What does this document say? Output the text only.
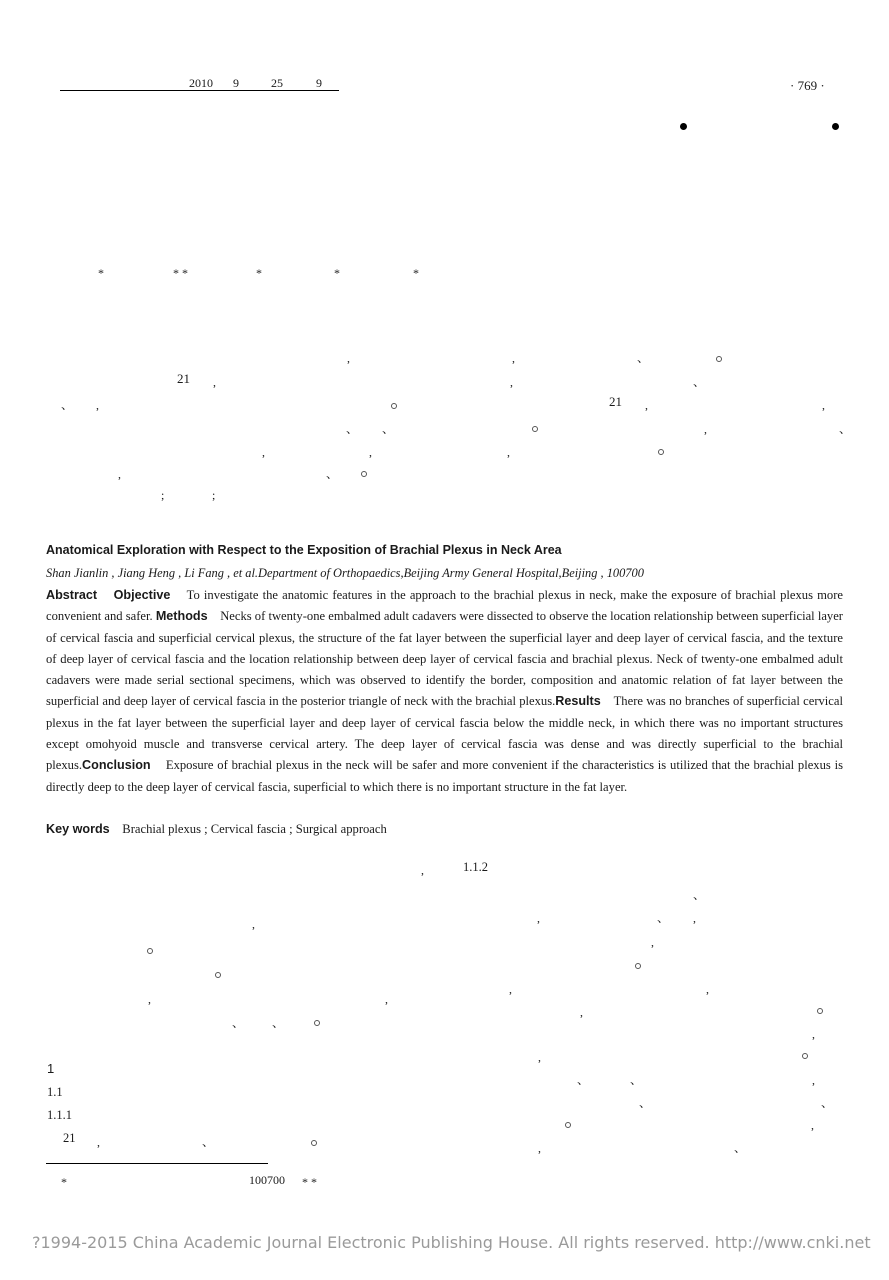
2010 9	25	9	· 769 ·
*	* *	*	*	*
,	,	、
21 ,	,	、
、 ,	21 ,	,
、 、	,	、
,	,	,
,	、
;	;
Anatomical Exploration with Respect to the Exposition of Brachial Plexus in Neck Area
Shan Jianlin , Jiang Heng , Li Fang , et al.Department of Orthopaedics,Beijing Army General Hospital,Beijing , 100700
Abstract Objective To investigate the anatomic features in the approach to the brachial plexus in neck, make the exposure of brachial plexus more convenient and safer. Methods Necks of twenty-one embalmed adult cadavers were dissected to observe the location relationship between superficial layer of cervical fascia and superficial cervical plexus, the structure of the fat layer between the superficial layer and deep layer of cervical fascia, and the texture of deep layer of cervical fascia and the location relationship between deep layer of cervical fascia and brachial plexus. Neck of twenty-one embalmed adult cadavers were made serial sectional specimens, which was observed to identify the border, composition and anatomic relation of fat layer between the superficial and deep layer of cervical fascia in the posterior triangle of neck with the brachial plexus.Results There was no branches of superficial cervical plexus in the fat layer between the superficial layer and deep layer of cervical fascia below the middle neck, in which there was no important structures except omohyoid muscle and transverse cervical artery. The deep layer of cervical fascia was dense and was directly superficial to the brachial plexus.Conclusion Exposure of brachial plexus in the neck will be safer and more convenient if the characteristics is utilized that the brachial plexus is directly deep to the deep layer of cervical fascia, superficial to which there is no important structure in the fat layer.
Key words Brachial plexus ; Cervical fascia ; Surgical approach
,
,	,
、 、
1
1.1
1.1.1
21 ,	、
,	1.1.2
、
,	、 ,
,
,	,
,
,
,
、	、	,
、	、
,
,	、
*	100700 * *
?1994-2015 China Academic Journal Electronic Publishing House. All rights reserved. http://www.cnki.net
